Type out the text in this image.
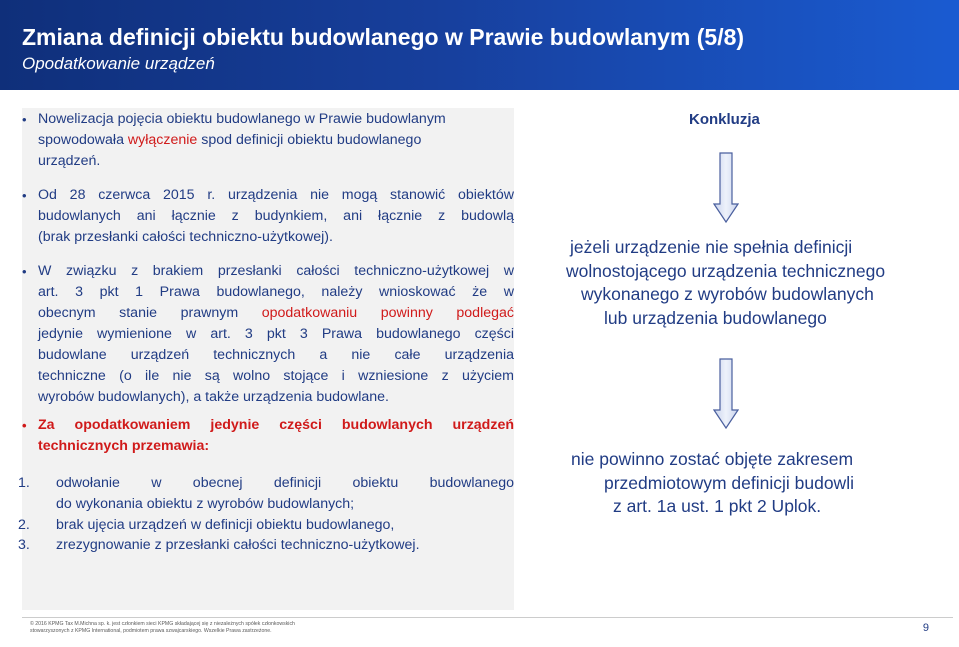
Zmiana definicji obiektu budowlanego w Prawie budowlanym (5/8)
Opodatkowanie urządzeń
• Nowelizacja pojęcia obiektu budowlanego w Prawie budowlanym
spowodowała wyłączenie spod definicji obiektu budowlanego
urządzeń.
• Od 28 czerwca 2015 r. urządzenia nie mogą stanowić obiektów
budowlanych ani łącznie z budynkiem, ani łącznie z budowlą
(brak przesłanki całości techniczno-użytkowej).
• W związku z brakiem przesłanki całości techniczno-użytkowej w
art. 3 pkt 1 Prawa budowlanego, należy wnioskować że w
obecnym stanie prawnym opodatkowaniu powinny podlegać
jedynie wymienione w art. 3 pkt 3 Prawa budowlanego części
budowlane urządzeń technicznych a nie całe urządzenia
techniczne (o ile nie są wolno stojące i wzniesione z użyciem
wyrobów budowlanych), a także urządzenia budowlane.
• Za opodatkowaniem jedynie części budowlanych urządzeń
technicznych przemawia:
1. odwołanie w obecnej definicji obiektu budowlanego
do wykonania obiektu z wyrobów budowlanych;
2. brak ujęcia urządzeń w definicji obiektu budowlanego,
3. zrezygnowanie z przesłanki całości techniczno-użytkowej.
Konkluzja
jeżeli urządzenie nie spełnia definicji
wolnostojącego urządzenia technicznego
wykonanego z wyrobów budowlanych
lub urządzenia budowlanego
nie powinno zostać objęte zakresem
przedmiotowym definicji budowli
z art. 1a ust. 1 pkt 2 Uplok.
© 2016 KPMG Tax M.Michna sp. k. jest członkiem sieci KPMG składającej się z niezależnych spółek członkowskich stowarzyszonych z KPMG International, podmiotem prawa szwajcarskiego. Wszelkie Prawa zastrzeżone.	9
